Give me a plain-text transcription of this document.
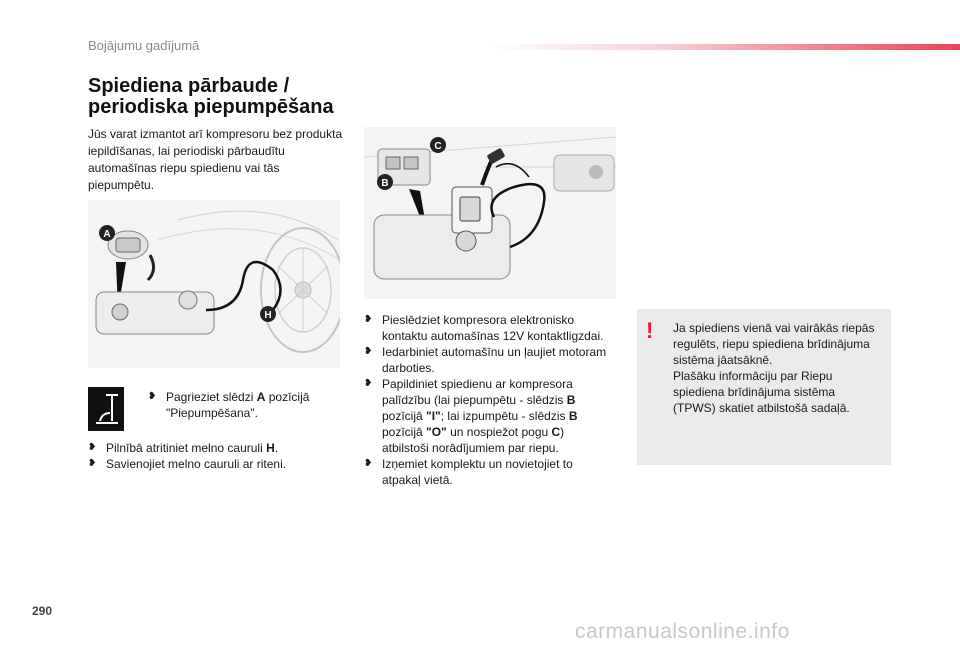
Bojājumu gadījumā
Spiediena pārbaude /
periodiska piepumpēšana
Jūs varat izmantot arī kompresoru bez produkta iepildīšanas, lai periodiski pārbaudītu automašīnas riepu spiedienu vai tās piepumpētu.
A
H
C
B
❥ Pagrieziet slēdzi A pozīcijā "Piepumpēšana".
❥ Pilnībā atritiniet melno cauruli H.
❥ Savienojiet melno cauruli ar riteni.
❥ Pieslēdziet kompresora elektronisko kontaktu automašīnas 12V kontaktligzdai.
❥ Iedarbiniet automašīnu un ļaujiet motoram darboties.
❥ Papildiniet spiedienu ar kompresora palīdzību (lai piepumpētu - slēdzis B pozīcijā "I"; lai izpumpētu - slēdzis B pozīcijā "O" un nospiežot pogu C) atbilstoši norādījumiem par riepu.
❥ Izņemiet komplektu un novietojiet to atpakaļ vietā.
! Ja spiediens vienā vai vairākās riepās regulēts, riepu spiediena brīdinājuma sistēma jāatsāknē.
Plašāku informāciju par Riepu spiediena brīdinājuma sistēma (TPWS) skatiet atbilstošā sadaļā.
290
carmanualsonline.info
